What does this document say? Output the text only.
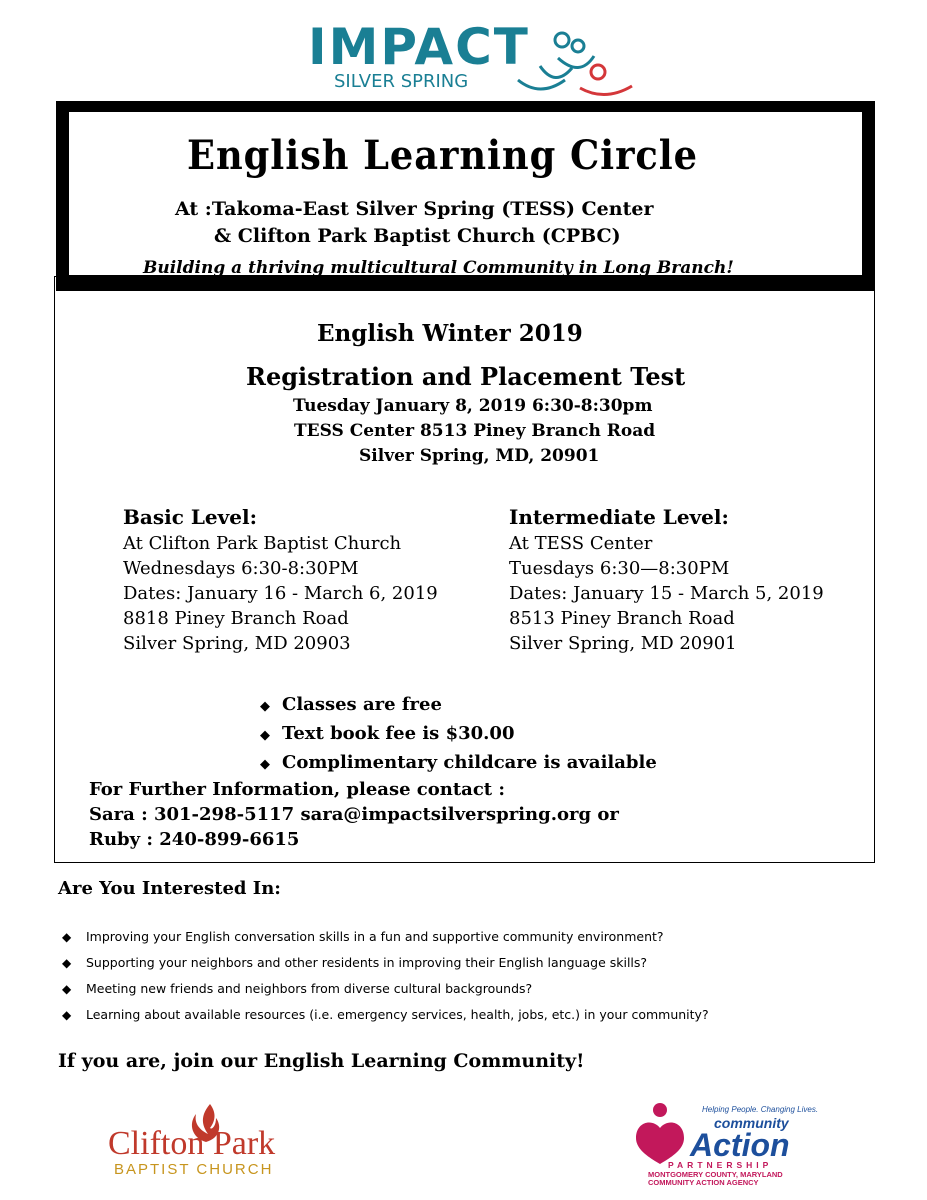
IMPACT
SILVER SPRING
English Learning Circle
At :Takoma-East Silver Spring (TESS) Center
& Clifton Park Baptist Church (CPBC)
Building a thriving multicultural Community in Long Branch!
English Winter 2019
Registration and Placement Test
Tuesday January 8, 2019 6:30-8:30pm
TESS Center 8513 Piney Branch Road
Silver Spring, MD, 20901
Basic Level:
At Clifton Park Baptist Church
Wednesdays 6:30-8:30PM
Dates: January 16 - March 6, 2019
8818 Piney Branch Road
Silver Spring, MD 20903
Intermediate Level:
At TESS Center
Tuesdays 6:30—8:30PM
Dates: January 15 - March 5, 2019
8513 Piney Branch Road
Silver Spring, MD 20901
◆ Classes are free
◆ Text book fee is $30.00
◆ Complimentary childcare is available
For Further Information, please contact :
Sara : 301-298-5117 sara@impactsilverspring.org or
Ruby : 240-899-6615
Are You Interested In:
◆ Improving your English conversation skills in a fun and supportive community environment?
◆ Supporting your neighbors and other residents in improving their English language skills?
◆ Meeting new friends and neighbors from diverse cultural backgrounds?
◆ Learning about available resources (i.e. emergency services, health, jobs, etc.) in your community?
If you are, join our English Learning Community!
Clifton Park
BAPTIST CHURCH
Helping People. Changing Lives.
community
Action
PARTNERSHIP
MONTGOMERY COUNTY, MARYLAND
COMMUNITY ACTION AGENCY
